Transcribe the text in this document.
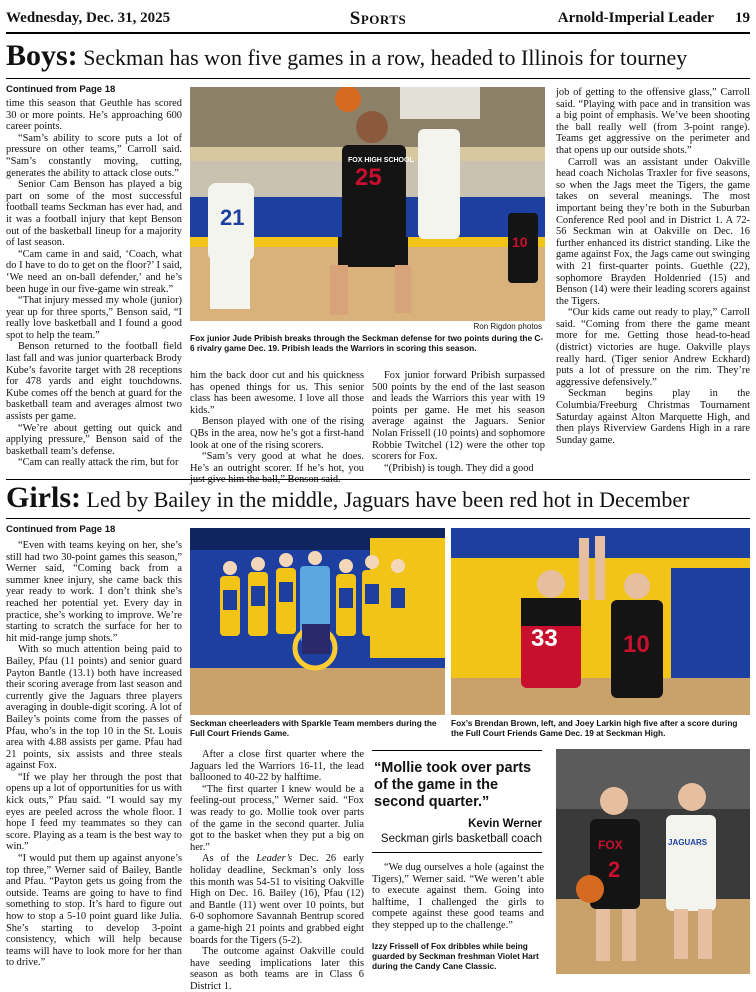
Wednesday, Dec. 31, 2025	Sports	Arnold-Imperial Leader 19
Boys: Seckman has won five games in a row, headed to Illinois for tourney
Continued from Page 18

time this season that Geuthle has scored 30 or more points. He’s approaching 600 career points.

“Sam’s ability to score puts a lot of pressure on other teams,” Carroll said. “Sam’s constantly moving, cutting, generates the ability to attack close outs.”

Senior Cam Benson has played a big part on some of the most successful football teams Seckman has ever had, and it was a football injury that kept Benson out of the basketball lineup for a majority of last season.

“Cam came in and said, ‘Coach, what do I have to do to get on the floor?’ I said, ‘We need an on-ball defender,’ and he’s been huge in our five-game win streak.”

“That injury messed my whole (junior) year up for three sports,” Benson said, “I really love basketball and I found a good spot to help the team.”

Benson returned to the football field last fall and was junior quarterback Brody Kube’s favorite target with 28 receptions for 478 yards and eight touchdowns. Kube comes off the bench at guard for the basketball team and averages almost two assists per game.

“We’re about getting out quick and applying pressure,” Benson said of the basketball team’s defense.

“Cam can really attack the rim, but for

21
25
FOX HIGH SCHOOL
10
Ron Rigdon photos
Fox junior Jude Pribish breaks through the Seckman defense for two points during the C-6 rivalry game Dec. 19. Pribish leads the Warriors in scoring this season.

him the back door cut and his quickness has opened things for us. This senior class has been awesome. I love all those kids.”

Benson played with one of the rising QBs in the area, now he’s got a first-hand look at one of the rising scorers.

“Sam’s very good at what he does. He’s an outright scorer. If he’s hot, you just give him the ball,” Benson said.

Fox junior forward Pribish surpassed 500 points by the end of the last season and leads the Warriors this year with 19 points per game. He met his season average against the Jaguars. Senior Nolan Frissell (10 points) and sophomore Robbie Twitchel (12) were the other top scorers for Fox.

“(Pribish) is tough. They did a good

job of getting to the offensive glass,” Carroll said. “Playing with pace and in transition was a big point of emphasis. We’ve been shooting the ball really well (from 3-point range). Teams get aggressive on the perimeter and that opens up our outside shots.”

Carroll was an assistant under Oakville head coach Nicholas Traxler for five seasons, so when the Jags meet the Tigers, the game takes on several meanings. The most important being they’re both in the Suburban Conference Red pool and in District 1. A 72-56 Seckman win at Oakville on Dec. 16 further enhanced its district standing. Like the game against Fox, the Jags came out swinging with 21 first-quarter points. Guethle (22), sophomore Brayden Holdenried (15) and Benson (14) were their leading scorers against the Tigers.

“Our kids came out ready to play,” Carroll said. “Coming from there the game meant more for me. Getting those head-to-head (district) victories are huge. Oakville plays really hard. (Tiger senior Andrew Eckhard) puts a lot of pressure on the rim. They’re aggressive defensively.”

Seckman begins play in the Columbia/Freeburg Christmas Tournament Saturday against Alton Marquette High, and then plays Riverview Gardens High in a rare Sunday game.

Girls: Led by Bailey in the middle, Jaguars have been red hot in December
Continued from Page 18

“Even with teams keying on her, she’s still had two 30-point games this season,” Werner said, “Coming back from a summer knee injury, she came back this year ready to work. I don’t think she’s reached her potential yet. Every day in practice, she’s working to improve. We’re starting to scratch the surface for her to hit mid-range jump shots.”

With so much attention being paid to Bailey, Pfau (11 points) and senior guard Payton Bantle (13.1) both have increased their scoring average from last season and currently give the Jaguars three players averaging in double-digit scoring. A lot of Bailey’s points come from the passes of Pfau, who’s in the top 10 in the St. Louis area with 4.88 assists per game. Pfau had 21 points, six assists and three steals against Fox.

“If we play her through the post that opens up a lot of opportunities for us with kick outs,” Pfau said. “I would say my eyes are peeled across the whole floor. I hope I feed my teammates so they can score. Playing as a team is the best way to win.”

“I would put them up against anyone’s top three,” Werner said of Bailey, Bantle and Pfau. “Payton gets us going from the outside. Teams are going to have to find something to stop. It’s hard to figure out how to stop a 5-10 point guard like Julia. She’s starting to develop 3-point consistency, which will help because teams will have to look more for her than to drive.”

Seckman cheerleaders with Sparkle Team members during the Full Court Friends Game.
33	10
Fox’s Brendan Brown, left, and Joey Larkin high five after a score during the Full Court Friends Game Dec. 19 at Seckman High.

After a close first quarter where the Jaguars led the Warriors 16-11, the lead ballooned to 40-22 by halftime.

“The first quarter I knew would be a feeling-out process,” Werner said. “Fox was ready to go. Mollie took over parts of the game in the second quarter. Julia got to the basket when they put a big on her.”

As of the Leader’s Dec. 26 early holiday deadline, Seckman’s only loss this month was 54-51 to visiting Oakville High on Dec. 16. Bailey (16), Pfau (12) and Bantle (11) went over 10 points, but 6-0 sophomore Savannah Bentrup scored a game-high 21 points and grabbed eight boards for the Tigers (5-2).

The outcome against Oakville could have seeding implications later this season as both teams are in Class 6 District 1.

“Mollie took over parts of the game in the second quarter.”
Kevin Werner
Seckman girls basketball coach

“We dug ourselves a hole (against the Tigers),” Werner said. “We weren’t able to execute against them. Going into halftime, I challenged the girls to compete against these good teams and they stepped up to the challenge.”

Izzy Frissell of Fox dribbles while being guarded by Seckman freshman Violet Hart during the Candy Cane Classic.
FOX
2
JAGUARS
